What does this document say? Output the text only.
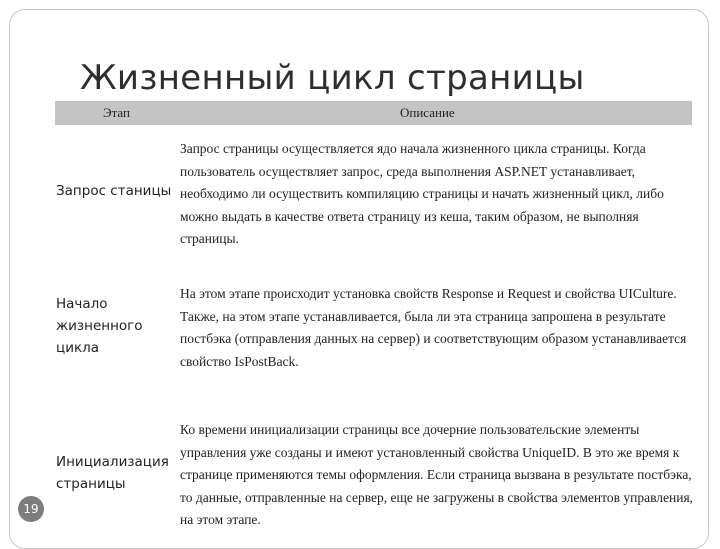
Жизненный цикл страницы
Этап	Описание
Запрос станицы
Запрос страницы осуществляется ядо начала жизненного цикла страницы. Когда пользователь осуществляет запрос, среда выполнения ASP.NET устанавливает, необходимо ли осуществить компиляцию страницы и начать жизненный цикл, либо можно выдать в качестве ответа страницу из кеша, таким образом, не выполняя страницы.
Начало жизненного цикла
На этом этапе происходит установка свойств Response и Request и свойства UICulture. Также, на этом этапе устанавливается, была ли эта страница запрошена в результате постбэка (отправления данных на сервер) и соответствующим образом устанавливается свойство IsPostBack.
Инициализация страницы
Ко времени инициализации страницы все дочерние пользовательские элементы управления уже созданы и имеют установленный свойства UniqueID. В это же время к странице применяются темы оформления. Если страница вызвана в результате постбэка, то данные, отправленные на сервер, еще не загружены в свойства элементов управления, на этом этапе.
19
